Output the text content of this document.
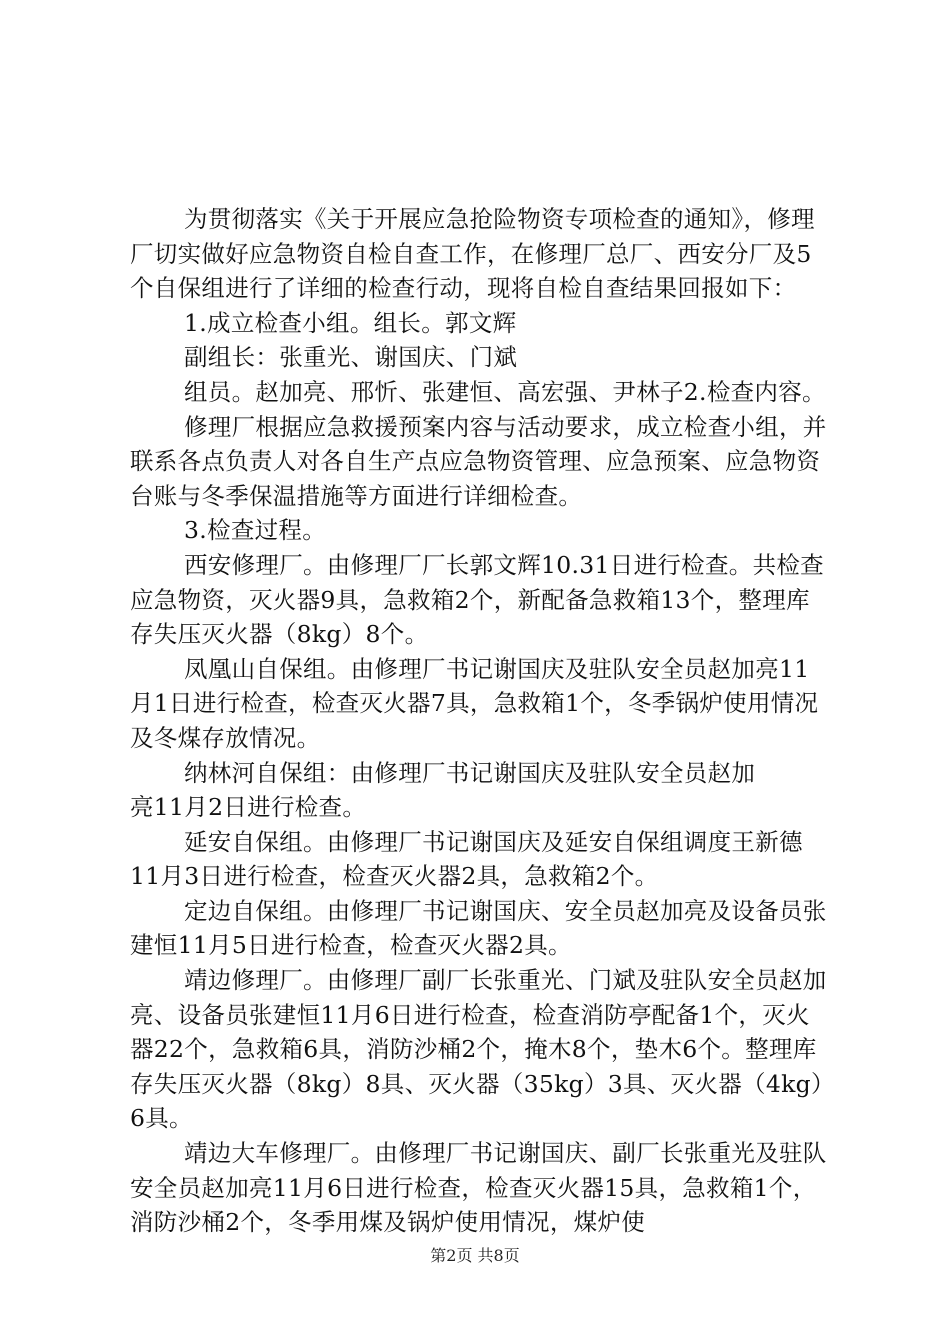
为贯彻落实《关于开展应急抢险物资专项检查的通知》，修理厂切实做好应急物资自检自查工作，在修理厂总厂、西安分厂及5个自保组进行了详细的检查行动，现将自检自查结果回报如下：

1.成立检查小组。组长。郭文辉

副组长：张重光、谢国庆、门斌

组员。赵加亮、邢忻、张建恒、高宏强、尹林子2.检查内容。

修理厂根据应急救援预案内容与活动要求，成立检查小组，并联系各点负责人对各自生产点应急物资管理、应急预案、应急物资台账与冬季保温措施等方面进行详细检查。

3.检查过程。

西安修理厂。由修理厂厂长郭文辉10.31日进行检查。共检查应急物资，灭火器9具，急救箱2个，新配备急救箱13个，整理库存失压灭火器（8kg）8个。

凤凰山自保组。由修理厂书记谢国庆及驻队安全员赵加亮11月1日进行检查，检查灭火器7具，急救箱1个，冬季锅炉使用情况及冬煤存放情况。

纳林河自保组：由修理厂书记谢国庆及驻队安全员赵加

亮11月2日进行检查。

延安自保组。由修理厂书记谢国庆及延安自保组调度王新德11月3日进行检查，检查灭火器2具，急救箱2个。

定边自保组。由修理厂书记谢国庆、安全员赵加亮及设备员张建恒11月5日进行检查，检查灭火器2具。

靖边修理厂。由修理厂副厂长张重光、门斌及驻队安全员赵加亮、设备员张建恒11月6日进行检查，检查消防亭配备1个，灭火器22个，急救箱6具，消防沙桶2个，掩木8个，垫木6个。整理库存失压灭火器（8kg）8具、灭火器（35kg）3具、灭火器（4kg）6具。

靖边大车修理厂。由修理厂书记谢国庆、副厂长张重光及驻队安全员赵加亮11月6日进行检查，检查灭火器15具，急救箱1个，消防沙桶2个，冬季用煤及锅炉使用情况，煤炉使

第2页 共8页
